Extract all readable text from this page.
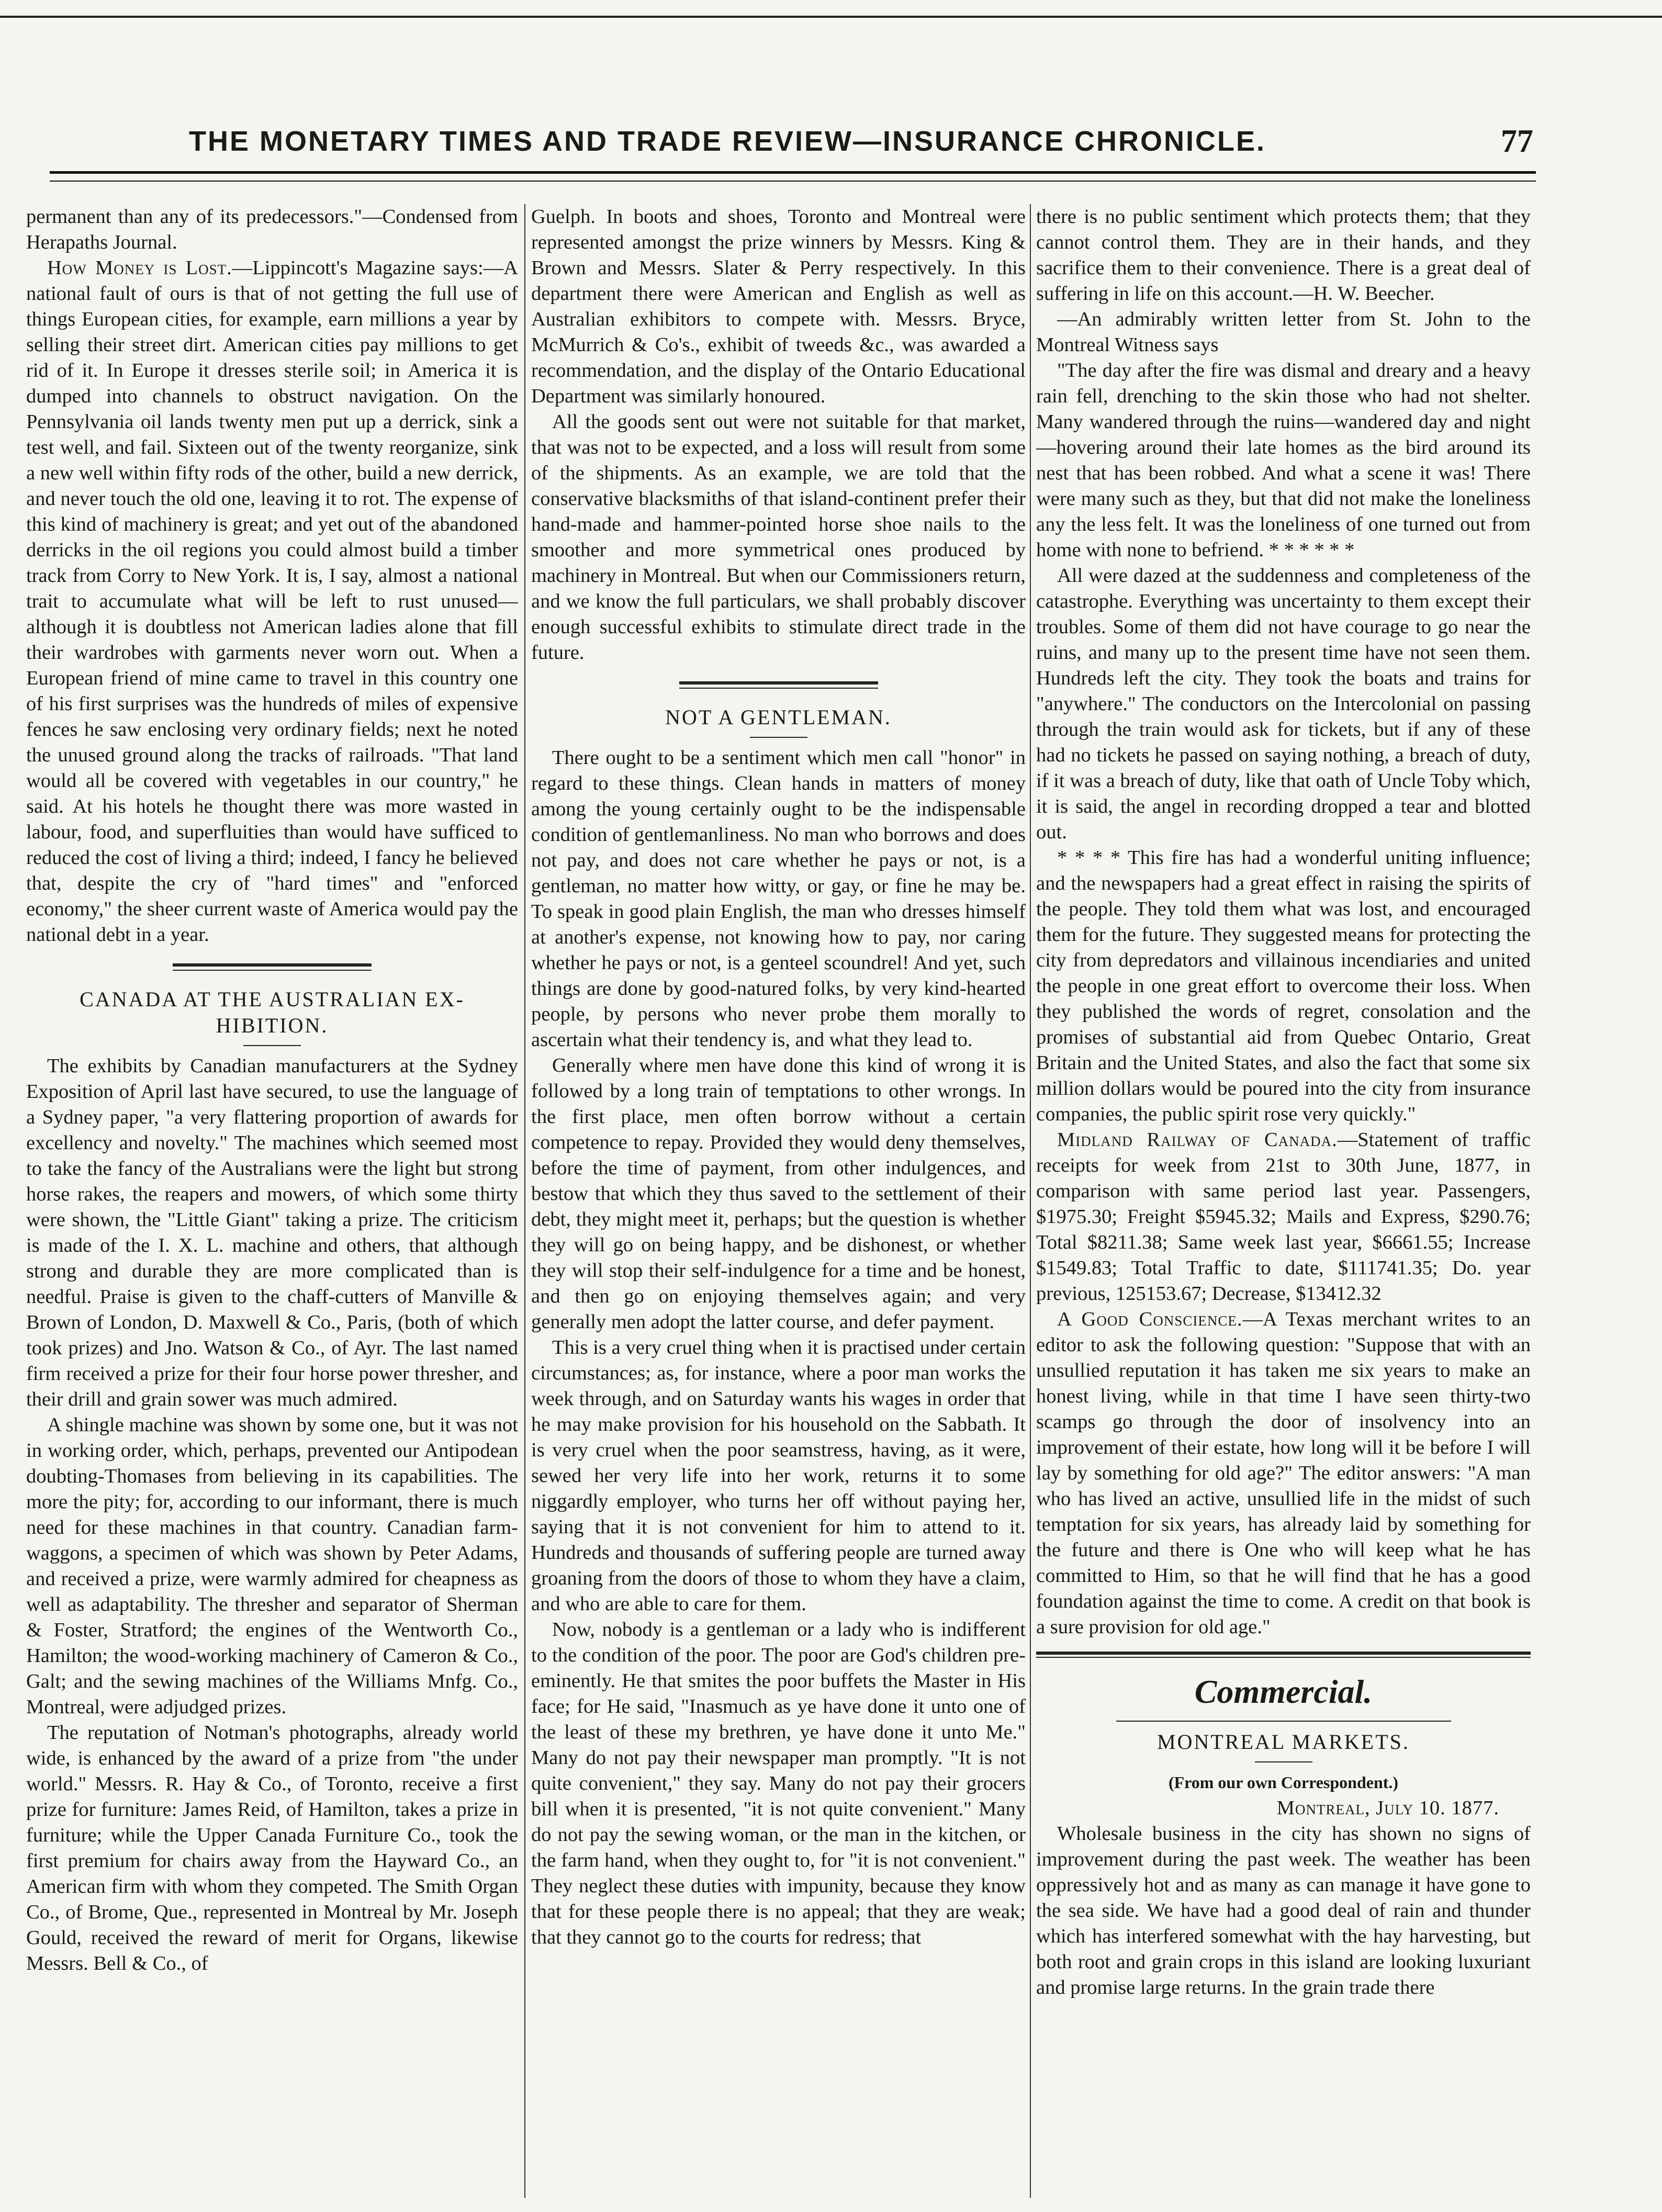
THE MONETARY TIMES AND TRADE REVIEW—INSURANCE CHRONICLE.	77

permanent than any of its predecessors."—Condensed from Herapaths Journal.

How Money is Lost.—Lippincott's Magazine says:—A national fault of ours is that of not getting the full use of things European cities, for example, earn millions a year by selling their street dirt. American cities pay millions to get rid of it. In Europe it dresses sterile soil; in America it is dumped into channels to obstruct navigation. On the Pennsylvania oil lands twenty men put up a derrick, sink a test well, and fail. Sixteen out of the twenty reorganize, sink a new well within fifty rods of the other, build a new derrick, and never touch the old one, leaving it to rot. The expense of this kind of machinery is great; and yet out of the abandoned derricks in the oil regions you could almost build a timber track from Corry to New York. It is, I say, almost a national trait to accumulate what will be left to rust unused—although it is doubtless not American ladies alone that fill their wardrobes with garments never worn out. When a European friend of mine came to travel in this country one of his first surprises was the hundreds of miles of expensive fences he saw enclosing very ordinary fields; next he noted the unused ground along the tracks of railroads. "That land would all be covered with vegetables in our country," he said. At his hotels he thought there was more wasted in labour, food, and superfluities than would have sufficed to reduced the cost of living a third; indeed, I fancy he believed that, despite the cry of "hard times" and "enforced economy," the sheer current waste of America would pay the national debt in a year.

CANADA AT THE AUSTRALIAN EX-
HIBITION.

The exhibits by Canadian manufacturers at the Sydney Exposition of April last have secured, to use the language of a Sydney paper, "a very flattering proportion of awards for excellency and novelty." The machines which seemed most to take the fancy of the Australians were the light but strong horse rakes, the reapers and mowers, of which some thirty were shown, the "Little Giant" taking a prize. The criticism is made of the I. X. L. machine and others, that although strong and durable they are more complicated than is needful. Praise is given to the chaff-cutters of Manville & Brown of London, D. Maxwell & Co., Paris, (both of which took prizes) and Jno. Watson & Co., of Ayr. The last named firm received a prize for their four horse power thresher, and their drill and grain sower was much admired.

A shingle machine was shown by some one, but it was not in working order, which, perhaps, prevented our Antipodean doubting-Thomases from believing in its capabilities. The more the pity; for, according to our informant, there is much need for these machines in that country. Canadian farm-waggons, a specimen of which was shown by Peter Adams, and received a prize, were warmly admired for cheapness as well as adaptability. The thresher and separator of Sherman & Foster, Stratford; the engines of the Wentworth Co., Hamilton; the wood-working machinery of Cameron & Co., Galt; and the sewing machines of the Williams Mnfg. Co., Montreal, were adjudged prizes.

The reputation of Notman's photographs, already world wide, is enhanced by the award of a prize from "the under world." Messrs. R. Hay & Co., of Toronto, receive a first prize for furniture: James Reid, of Hamilton, takes a prize in furniture; while the Upper Canada Furniture Co., took the first premium for chairs away from the Hayward Co., an American firm with whom they competed. The Smith Organ Co., of Brome, Que., represented in Montreal by Mr. Joseph Gould, received the reward of merit for Organs, likewise Messrs. Bell & Co., of

Guelph. In boots and shoes, Toronto and Montreal were represented amongst the prize winners by Messrs. King & Brown and Messrs. Slater & Perry respectively. In this department there were American and English as well as Australian exhibitors to compete with. Messrs. Bryce, McMurrich & Co's., exhibit of tweeds &c., was awarded a recommendation, and the display of the Ontario Educational Department was similarly honoured.

All the goods sent out were not suitable for that market, that was not to be expected, and a loss will result from some of the shipments. As an example, we are told that the conservative blacksmiths of that island-continent prefer their hand-made and hammer-pointed horse shoe nails to the smoother and more symmetrical ones produced by machinery in Montreal. But when our Commissioners return, and we know the full particulars, we shall probably discover enough successful exhibits to stimulate direct trade in the future.

NOT A GENTLEMAN.

There ought to be a sentiment which men call "honor" in regard to these things. Clean hands in matters of money among the young certainly ought to be the indispensable condition of gentlemanliness. No man who borrows and does not pay, and does not care whether he pays or not, is a gentleman, no matter how witty, or gay, or fine he may be. To speak in good plain English, the man who dresses himself at another's expense, not knowing how to pay, nor caring whether he pays or not, is a genteel scoundrel! And yet, such things are done by good-natured folks, by very kind-hearted people, by persons who never probe them morally to ascertain what their tendency is, and what they lead to.

Generally where men have done this kind of wrong it is followed by a long train of temptations to other wrongs. In the first place, men often borrow without a certain competence to repay. Provided they would deny themselves, before the time of payment, from other indulgences, and bestow that which they thus saved to the settlement of their debt, they might meet it, perhaps; but the question is whether they will go on being happy, and be dishonest, or whether they will stop their self-indulgence for a time and be honest, and then go on enjoying themselves again; and very generally men adopt the latter course, and defer payment.

This is a very cruel thing when it is practised under certain circumstances; as, for instance, where a poor man works the week through, and on Saturday wants his wages in order that he may make provision for his household on the Sabbath. It is very cruel when the poor seamstress, having, as it were, sewed her very life into her work, returns it to some niggardly employer, who turns her off without paying her, saying that it is not convenient for him to attend to it. Hundreds and thousands of suffering people are turned away groaning from the doors of those to whom they have a claim, and who are able to care for them.

Now, nobody is a gentleman or a lady who is indifferent to the condition of the poor. The poor are God's children pre-eminently. He that smites the poor buffets the Master in His face; for He said, "Inasmuch as ye have done it unto one of the least of these my brethren, ye have done it unto Me." Many do not pay their newspaper man promptly. "It is not quite convenient," they say. Many do not pay their grocers bill when it is presented, "it is not quite convenient." Many do not pay the sewing woman, or the man in the kitchen, or the farm hand, when they ought to, for "it is not convenient." They neglect these duties with impunity, because they know that for these people there is no appeal; that they are weak; that they cannot go to the courts for redress; that

there is no public sentiment which protects them; that they cannot control them. They are in their hands, and they sacrifice them to their convenience. There is a great deal of suffering in life on this account.—H. W. Beecher.

—An admirably written letter from St. John to the Montreal Witness says

"The day after the fire was dismal and dreary and a heavy rain fell, drenching to the skin those who had not shelter. Many wandered through the ruins—wandered day and night—hovering around their late homes as the bird around its nest that has been robbed. And what a scene it was! There were many such as they, but that did not make the loneliness any the less felt. It was the loneliness of one turned out from home with none to befriend. * * * * * *

All were dazed at the suddenness and completeness of the catastrophe. Everything was uncertainty to them except their troubles. Some of them did not have courage to go near the ruins, and many up to the present time have not seen them. Hundreds left the city. They took the boats and trains for "anywhere." The conductors on the Intercolonial on passing through the train would ask for tickets, but if any of these had no tickets he passed on saying nothing, a breach of duty, if it was a breach of duty, like that oath of Uncle Toby which, it is said, the angel in recording dropped a tear and blotted out.

* * * * This fire has had a wonderful uniting influence; and the newspapers had a great effect in raising the spirits of the people. They told them what was lost, and encouraged them for the future. They suggested means for protecting the city from depredators and villainous incendiaries and united the people in one great effort to overcome their loss. When they published the words of regret, consolation and the promises of substantial aid from Quebec Ontario, Great Britain and the United States, and also the fact that some six million dollars would be poured into the city from insurance companies, the public spirit rose very quickly."

Midland Railway of Canada.—Statement of traffic receipts for week from 21st to 30th June, 1877, in comparison with same period last year. Passengers, $1975.30; Freight $5945.32; Mails and Express, $290.76; Total $8211.38; Same week last year, $6661.55; Increase $1549.83; Total Traffic to date, $111741.35; Do. year previous, 125153.67; Decrease, $13412.32

A Good Conscience.—A Texas merchant writes to an editor to ask the following question: "Suppose that with an unsullied reputation it has taken me six years to make an honest living, while in that time I have seen thirty-two scamps go through the door of insolvency into an improvement of their estate, how long will it be before I will lay by something for old age?" The editor answers: "A man who has lived an active, unsullied life in the midst of such temptation for six years, has already laid by something for the future and there is One who will keep what he has committed to Him, so that he will find that he has a good foundation against the time to come. A credit on that book is a sure provision for old age."

Commercial.
MONTREAL MARKETS.
(From our own Correspondent.)
Montreal, July 10. 1877.

Wholesale business in the city has shown no signs of improvement during the past week. The weather has been oppressively hot and as many as can manage it have gone to the sea side. We have had a good deal of rain and thunder which has interfered somewhat with the hay harvesting, but both root and grain crops in this island are looking luxuriant and promise large returns. In the grain trade there
